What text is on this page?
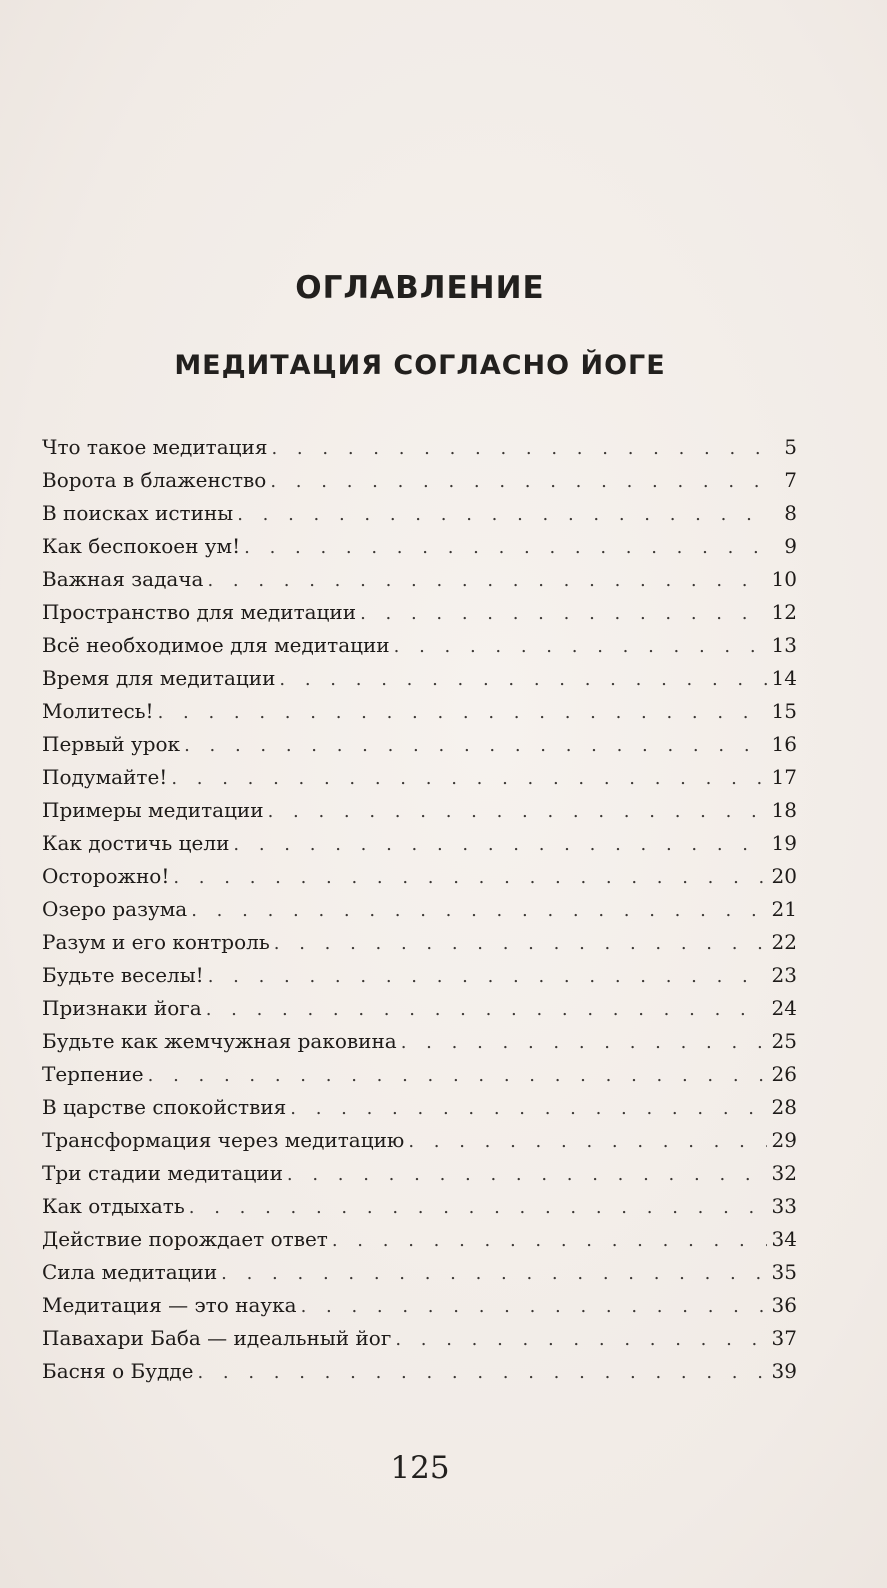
ОГЛАВЛЕНИЕ
МЕДИТАЦИЯ СОГЛАСНО ЙОГЕ
Что такое медитация . . .	5
Ворота в блаженство . . .	7
В поисках истины . . .	8
Как беспокоен ум! . . .	9
Важная задача . . .	10
Пространство для медитации . . .	12
Всё необходимое для медитации . . .	13
Время для медитации . . .	14
Молитесь! . . .	15
Первый урок . . .	16
Подумайте! . . .	17
Примеры медитации . . .	18
Как достичь цели . . .	19
Осторожно! . . .	20
Озеро разума . . .	21
Разум и его контроль . . .	22
Будьте веселы! . . .	23
Признаки йога . . .	24
Будьте как жемчужная раковина . . .	25
Терпение . . .	26
В царстве спокойствия . . .	28
Трансформация через медитацию . . .	29
Три стадии медитации . . .	32
Как отдыхать . . .	33
Действие порождает ответ . . .	34
Сила медитации . . .	35
Медитация — это наука . . .	36
Павахари Баба — идеальный йог . . .	37
Басня о Будде . . .	39
125
